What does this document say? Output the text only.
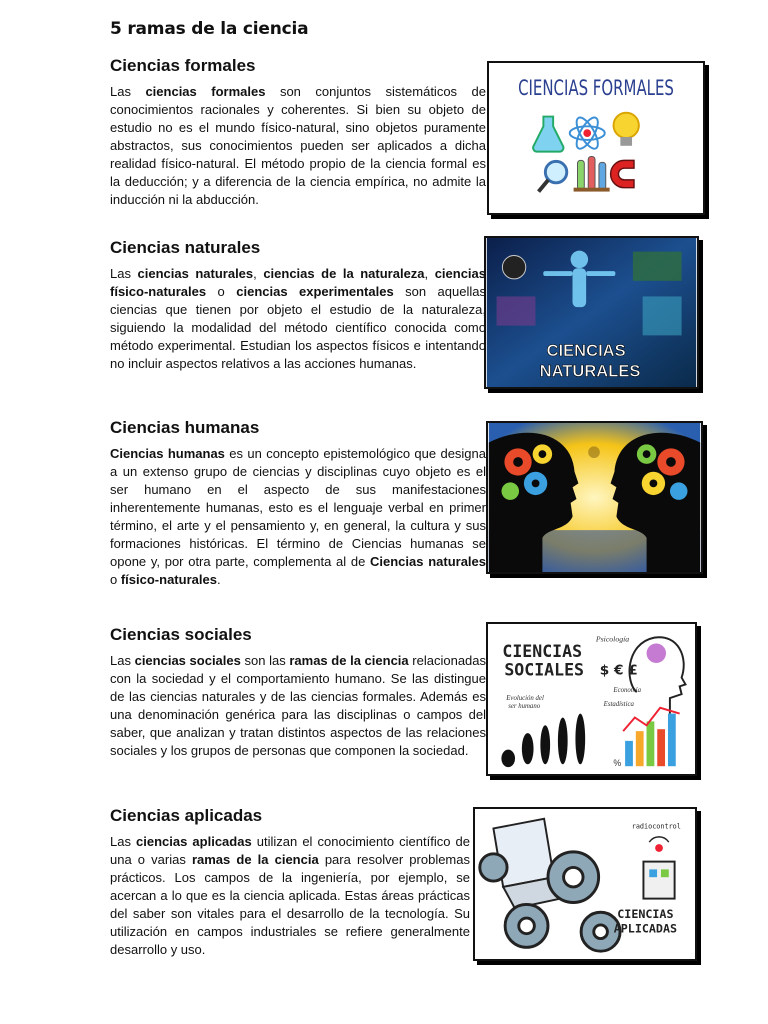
5 ramas de la ciencia
Ciencias formales

Las ciencias formales son conjuntos sistemáticos de conocimientos racionales y coherentes. Si bien su objeto de estudio no es el mundo físico-natural, sino objetos puramente abstractos, sus conocimientos pueden ser aplicados a dicha realidad físico-natural. El método propio de la ciencia formal es la deducción; y a diferencia de la ciencia empírica, no admite la inducción ni la abducción.

CIENCIAS FORMALES
Ciencias naturales

Las ciencias naturales, ciencias de la naturaleza, ciencias físico-naturales o ciencias experimentales son aquellas ciencias que tienen por objeto el estudio de la naturaleza, siguiendo la modalidad del método científico conocida como método experimental. Estudian los aspectos físicos e intentando no incluir aspectos relativos a las acciones humanas.

CIENCIAS
NATURALES
Ciencias humanas

Ciencias humanas es un concepto epistemológico que designa a un extenso grupo de ciencias y disciplinas cuyo objeto es el ser humano en el aspecto de sus manifestaciones inherentemente humanas, esto es el lenguaje verbal en primer término, el arte y el pensamiento y, en general, la cultura y sus formaciones históricas. El término de Ciencias humanas se opone y, por otra parte, complementa al de Ciencias naturales o físico-naturales.

Ciencias sociales

Las ciencias sociales son las ramas de la ciencia relacionadas con la sociedad y el comportamiento humano. Se las distingue de las ciencias naturales y de las ciencias formales. Además es una denominación genérica para las disciplinas o campos del saber, que analizan y tratan distintos aspectos de las relaciones sociales y los grupos de personas que componen la sociedad.

CIENCIAS
SOCIALES
Psicología
Economía
Estadística
Evolución del
ser humano
$ € £
%
Ciencias aplicadas

Las ciencias aplicadas utilizan el conocimiento científico de una o varias ramas de la ciencia para resolver problemas prácticos. Los campos de la ingeniería, por ejemplo, se acercan a lo que es la ciencia aplicada. Estas áreas prácticas del saber son vitales para el desarrollo de la tecnología. Su utilización en campos industriales se refiere generalmente desarrollo y uso.

radiocontrol
CIENCIAS
APLICADAS
